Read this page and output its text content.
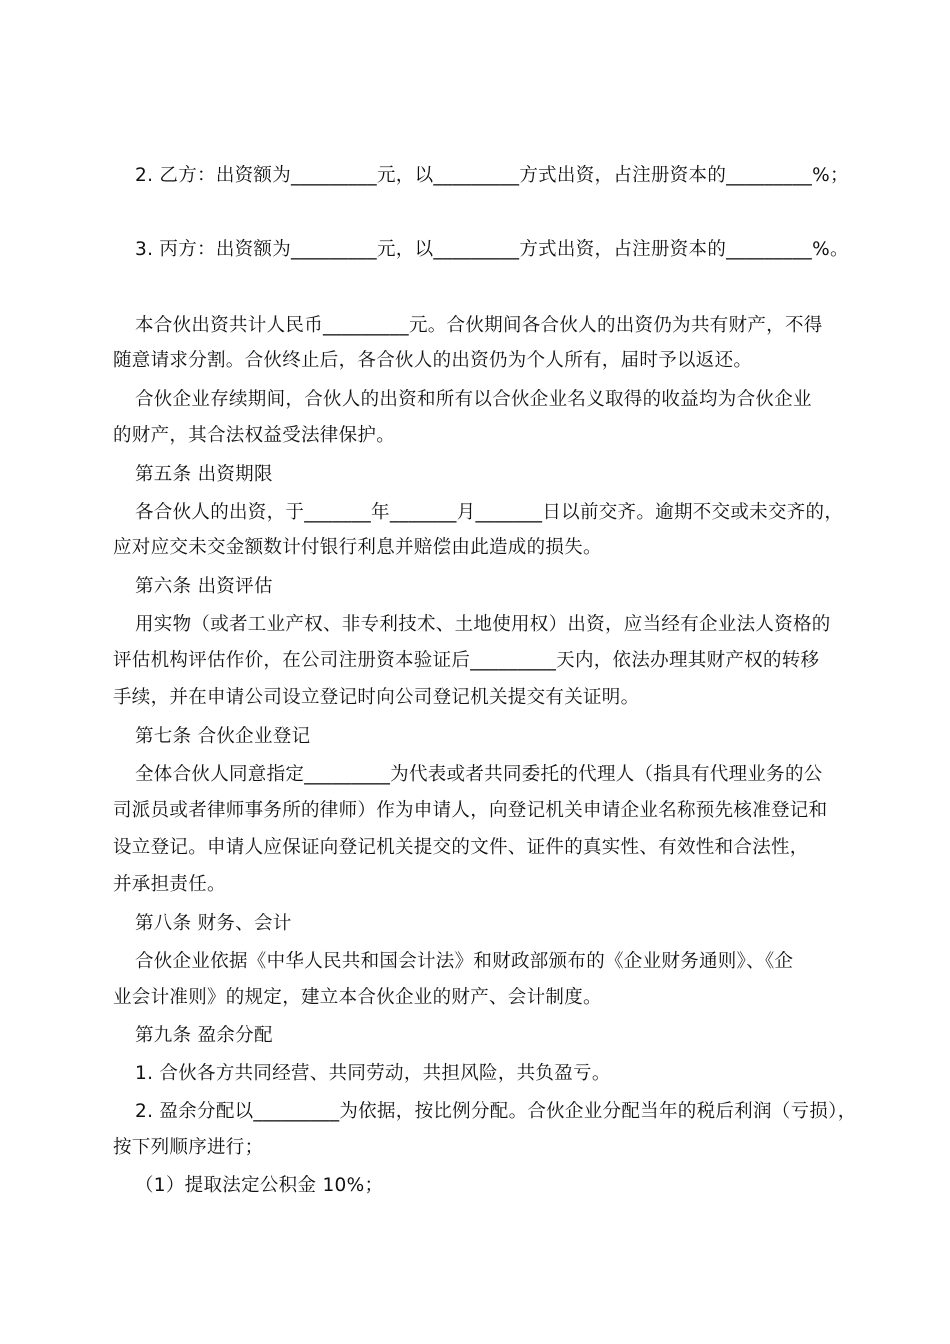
2. 乙方：出资额为_________元，以_________方式出资，占注册资本的_________%；
3. 丙方：出资额为_________元，以_________方式出资，占注册资本的_________%。
本合伙出资共计人民币_________元。合伙期间各合伙人的出资仍为共有财产，不得
随意请求分割。合伙终止后，各合伙人的出资仍为个人所有，届时予以返还。
合伙企业存续期间，合伙人的出资和所有以合伙企业名义取得的收益均为合伙企业
的财产，其合法权益受法律保护。
第五条 出资期限
各合伙人的出资，于_______年_______月_______日以前交齐。逾期不交或未交齐的，
应对应交未交金额数计付银行利息并赔偿由此造成的损失。
第六条 出资评估
用实物（或者工业产权、非专利技术、土地使用权）出资，应当经有企业法人资格的
评估机构评估作价，在公司注册资本验证后_________天内，依法办理其财产权的转移
手续，并在申请公司设立登记时向公司登记机关提交有关证明。
第七条 合伙企业登记
全体合伙人同意指定_________为代表或者共同委托的代理人（指具有代理业务的公
司派员或者律师事务所的律师）作为申请人，向登记机关申请企业名称预先核准登记和
设立登记。申请人应保证向登记机关提交的文件、证件的真实性、有效性和合法性，
并承担责任。
第八条 财务、会计
合伙企业依据《中华人民共和国会计法》和财政部颁布的《企业财务通则》、《企
业会计准则》的规定，建立本合伙企业的财产、会计制度。
第九条 盈余分配
1. 合伙各方共同经营、共同劳动，共担风险，共负盈亏。
2. 盈余分配以_________为依据，按比例分配。合伙企业分配当年的税后利润（亏损），
按下列顺序进行；
（1）提取法定公积金 10%；
